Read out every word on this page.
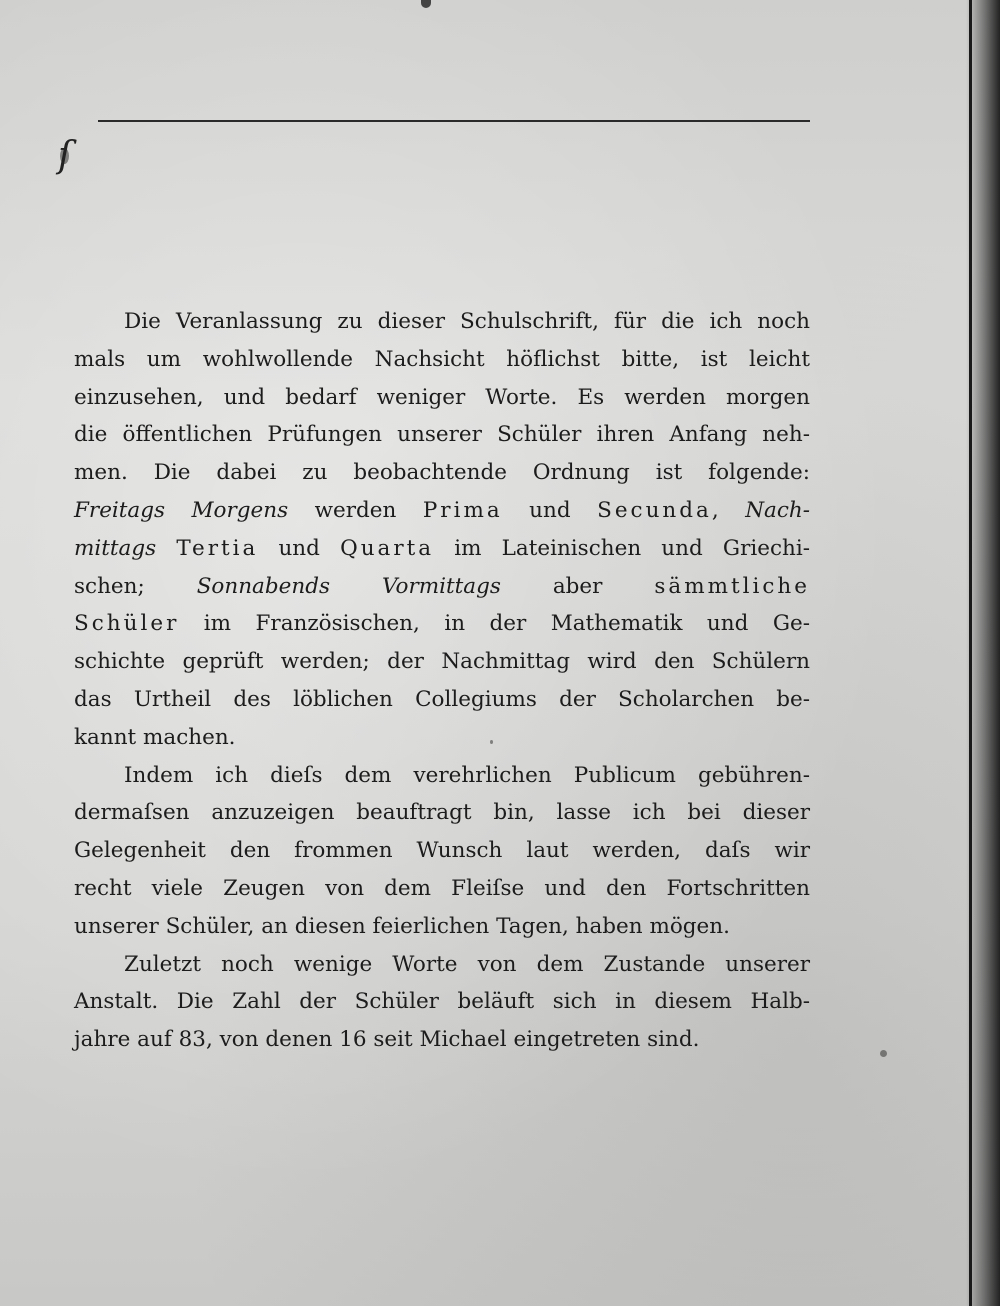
ſ
Die Veranlassung zu dieser Schulschrift, für die ich noch
mals um wohlwollende Nachsicht höflichst bitte, ist leicht
einzusehen, und bedarf weniger Worte. Es werden morgen
die öffentlichen Prüfungen unserer Schüler ihren Anfang neh-
men. Die dabei zu beobachtende Ordnung ist folgende:
Freitags Morgens werden Prima und Secunda, Nach-
mittags Tertia und Quarta im Lateinischen und Griechi-
schen; Sonnabends Vormittags aber sämmtliche
Schüler im Französischen, in der Mathematik und Ge-
schichte geprüft werden; der Nachmittag wird den Schülern
das Urtheil des löblichen Collegiums der Scholarchen be-
kannt machen.
Indem ich dieſs dem verehrlichen Publicum gebühren-
dermaſsen anzuzeigen beauftragt bin, lasse ich bei dieser
Gelegenheit den frommen Wunsch laut werden, daſs wir
recht viele Zeugen von dem Fleiſse und den Fortschritten
unserer Schüler, an diesen feierlichen Tagen, haben mögen.
Zuletzt noch wenige Worte von dem Zustande unserer
Anstalt. Die Zahl der Schüler beläuft sich in diesem Halb-
jahre auf 83, von denen 16 seit Michael eingetreten sind.
